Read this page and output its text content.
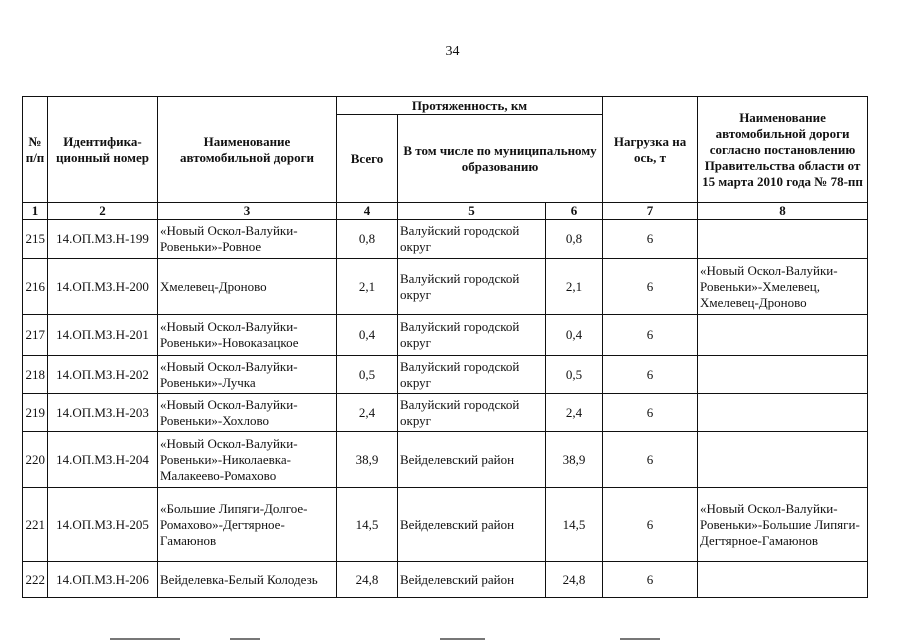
34
№ п/п	Идентифика-ционный номер	Наименование автомобильной дороги	Протяженность, км			Нагрузка на ось, т	Наименование автомобильной дороги согласно постановлению Правительства области от 15 марта 2010 года № 78-пп
			Всего	В том числе по муниципальному образованию			
1	2	3	4	5	6	7	8
215	14.ОП.МЗ.Н-199	«Новый Оскол-Валуйки-Ровеньки»-Ровное	0,8	Валуйский городской округ	0,8	6	
216	14.ОП.МЗ.Н-200	Хмелевец-Дроново	2,1	Валуйский городской округ	2,1	6	«Новый Оскол-Валуйки-Ровеньки»-Хмелевец, Хмелевец-Дроново
217	14.ОП.МЗ.Н-201	«Новый Оскол-Валуйки-Ровеньки»-Новоказацкое	0,4	Валуйский городской округ	0,4	6	
218	14.ОП.МЗ.Н-202	«Новый Оскол-Валуйки-Ровеньки»-Лучка	0,5	Валуйский городской округ	0,5	6	
219	14.ОП.МЗ.Н-203	«Новый Оскол-Валуйки-Ровеньки»-Хохлово	2,4	Валуйский городской округ	2,4	6	
220	14.ОП.МЗ.Н-204	«Новый Оскол-Валуйки-Ровеньки»-Николаевка-Малакеево-Ромахово	38,9	Вейделевский район	38,9	6	
221	14.ОП.МЗ.Н-205	«Большие Липяги-Долгое-Ромахово»-Дегтярное-Гамаюнов	14,5	Вейделевский район	14,5	6	«Новый Оскол-Валуйки-Ровеньки»-Большие Липяги-Дегтярное-Гамаюнов
222	14.ОП.МЗ.Н-206	Вейделевка-Белый Колодезь	24,8	Вейделевский район	24,8	6	
